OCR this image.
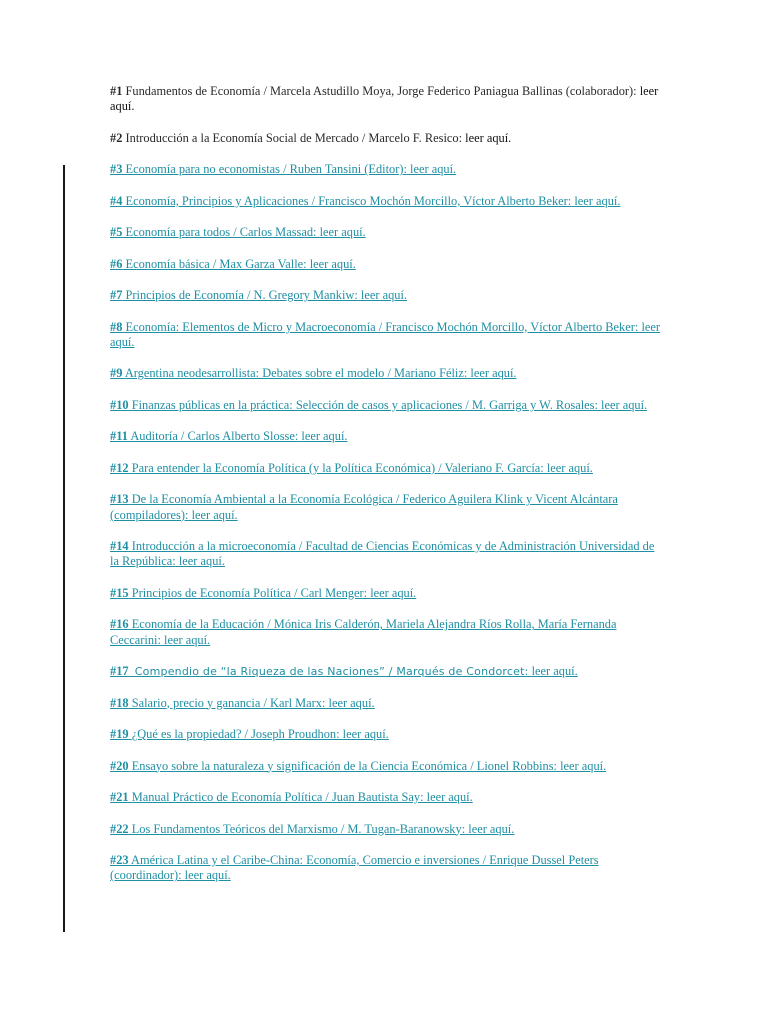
#1 Fundamentos de Economía / Marcela Astudillo Moya, Jorge Federico Paniagua Ballinas (colaborador): leer aquí.

#2 Introducción a la Economía Social de Mercado / Marcelo F. Resico: leer aquí.

#3 Economía para no economistas / Ruben Tansini (Editor): leer aquí.

#4 Economía, Principios y Aplicaciones / Francisco Mochón Morcillo, Víctor Alberto Beker: leer aquí.

#5 Economía para todos / Carlos Massad: leer aquí.

#6 Economía básica / Max Garza Valle: leer aquí.

#7 Principios de Economía / N. Gregory Mankiw: leer aquí.

#8 Economía: Elementos de Micro y Macroeconomía / Francisco Mochón Morcillo, Víctor Alberto Beker: leer aquí.

#9 Argentina neodesarrollista: Debates sobre el modelo / Mariano Féliz: leer aquí.

#10 Finanzas públicas en la práctica: Selección de casos y aplicaciones / M. Garriga y W. Rosales: leer aquí.

#11 Auditoría / Carlos Alberto Slosse: leer aquí.

#12 Para entender la Economía Política (y la Política Económica) / Valeriano F. García: leer aquí.

#13 De la Economía Ambiental a la Economía Ecológica / Federico Aguilera Klink y Vicent Alcántara (compiladores): leer aquí.

#14 Introducción a la microeconomía / Facultad de Ciencias Económicas y de Administración Universidad de la República: leer aquí.

#15 Principios de Economía Política / Carl Menger: leer aquí.

#16 Economía de la Educación / Mónica Iris Calderón, Mariela Alejandra Ríos Rolla, María Fernanda Ceccarini: leer aquí.

#17 Compendio de “la Riqueza de las Naciones” / Marqués de Condorcet: leer aquí.

#18 Salario, precio y ganancia / Karl Marx: leer aquí.

#19 ¿Qué es la propiedad? / Joseph Proudhon: leer aquí.

#20 Ensayo sobre la naturaleza y significación de la Ciencia Económica / Lionel Robbins: leer aquí.

#21 Manual Práctico de Economía Política / Juan Bautista Say: leer aquí.

#22 Los Fundamentos Teóricos del Marxismo / M. Tugan-Baranowsky: leer aquí.

#23 América Latina y el Caribe-China: Economía, Comercio e inversiones / Enrique Dussel Peters (coordinador): leer aquí.
